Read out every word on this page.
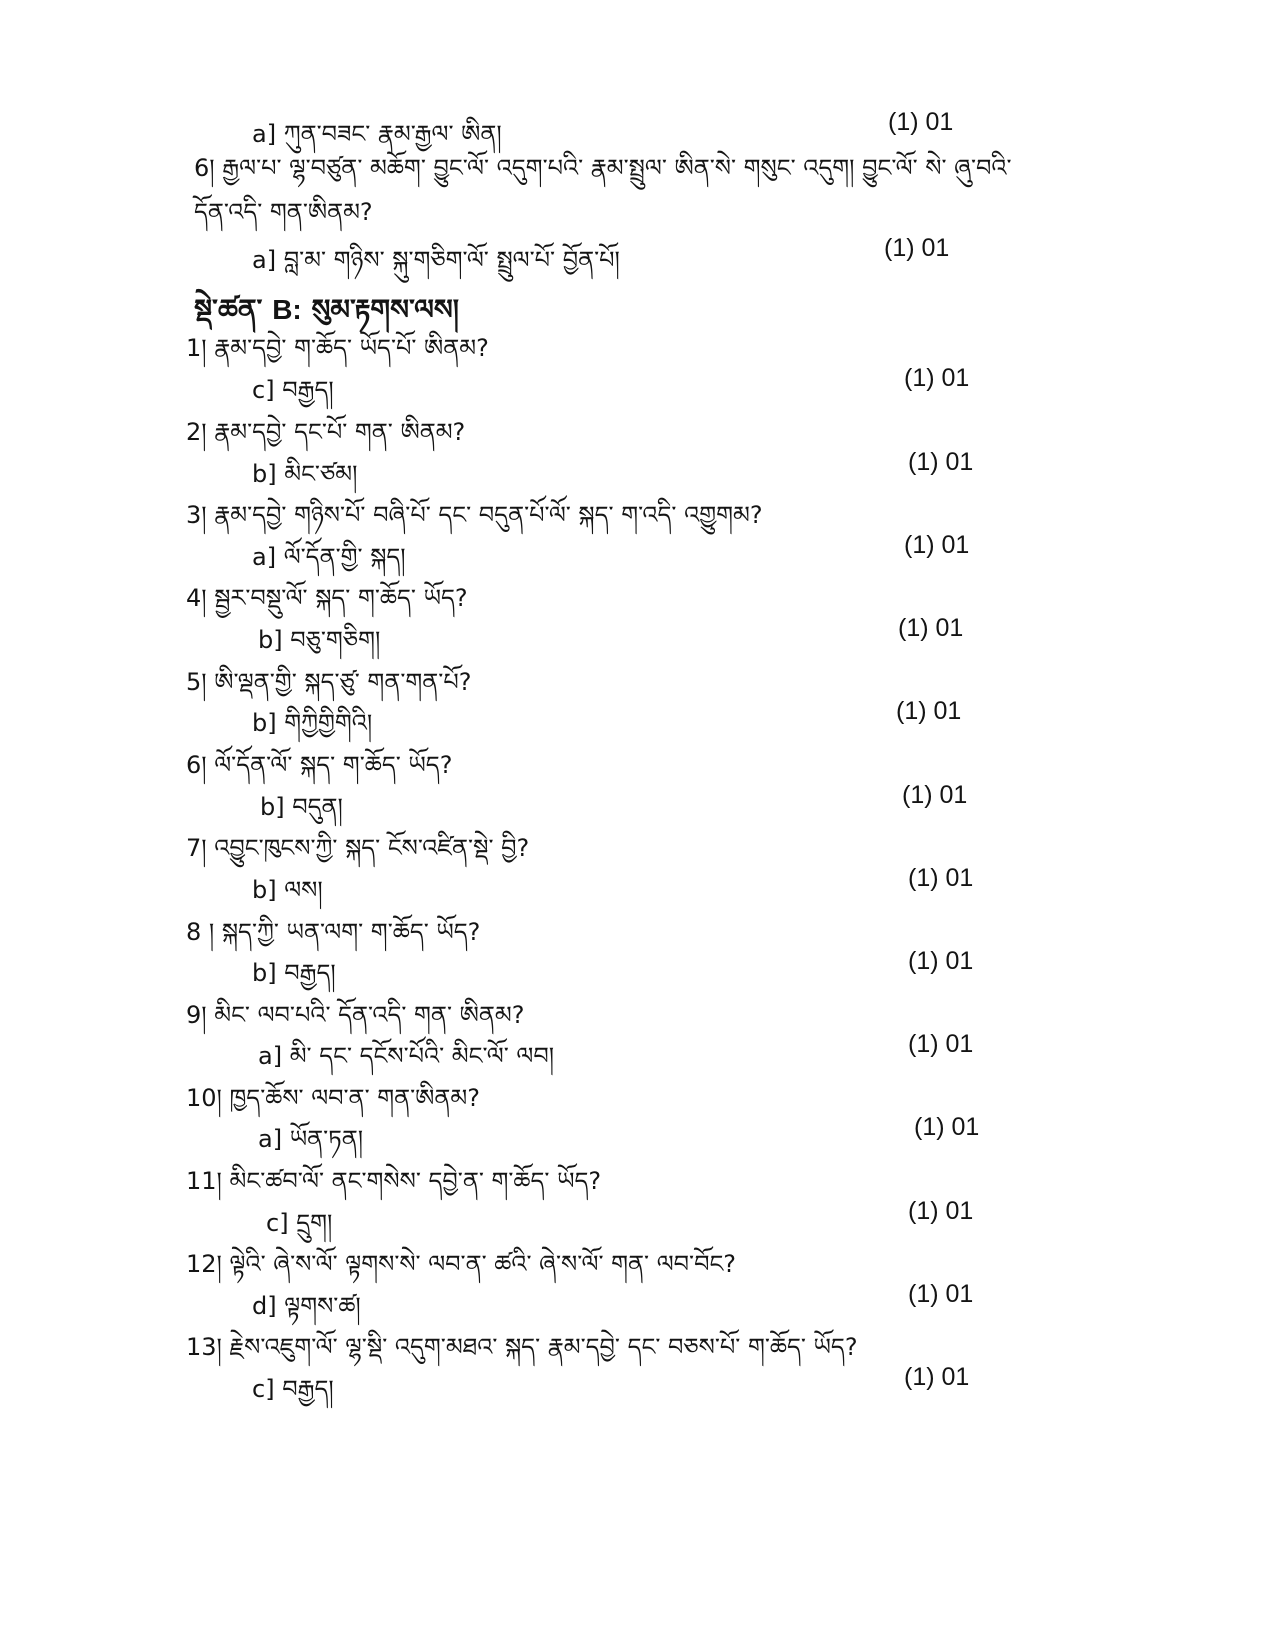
a] ཀུན་བཟང་ རྣམ་རྒྱལ་ ཨིན།	(1) 01
6། རྒྱལ་པ་ ལྷ་བཙུན་ མཆོག་ བྱུང་ལོ་ འདུག་པའི་ རྣམ་སྤྲུལ་ ཨིན་སེ་ གསུང་ འདུག། བྱུང་ལོ་ སེ་ ཞུ་བའི་ དོན་འདི་ གན་ཨིནམ?
a] བླ་མ་ གཉིས་ སྐུ་གཅིག་ལོ་ སྤྲུལ་པོ་ བྱོན་པོ།	(1) 01
སྡེ་ཚན་ B: སུམ་རྟགས་ལས།
1། རྣམ་དབྱེ་ ག་ཆོད་ ཡོད་པོ་ ཨིནམ?
c] བརྒྱད།	(1) 01
2། རྣམ་དབྱེ་ དང་པོ་ གན་ ཨིནམ?
b] མིང་ཙམ།	(1) 01
3། རྣམ་དབྱེ་ གཉིས་པོ་ བཞི་པོ་ དང་ བདུན་པོ་ལོ་ སྐད་ ག་འདི་ འགྱུགམ?
a] ལོ་དོན་གྱི་ སྐད།	(1) 01
4། སྦྱར་བསྡུ་ལོ་ སྐད་ ག་ཆོད་ ཡོད?
b] བཅུ་གཅིག།	(1) 01
5། ཨི་ལྡན་གྱི་ སྐད་ཙུ་ གན་གན་པོ?
b] གིཀྱིགྱིགིའི།	(1) 01
6། ལོ་དོན་ལོ་ སྐད་ ག་ཆོད་ ཡོད?
b] བདུན།	(1) 01
7། འབྱུང་ཁུངས་ཀྱི་ སྐད་ ངོས་འཛིན་སྡེ་ བྱི?
b] ལས།	(1) 01
8 ། སྐད་ཀྱི་ ཡན་ལག་ ག་ཆོད་ ཡོད?
b] བརྒྱད།	(1) 01
9། མིང་ ལབ་པའི་ དོན་འདི་ གན་ ཨིནམ?
a] མི་ དང་ དངོས་པོའི་ མིང་ལོ་ ལབ།	(1) 01
10། ཁྱད་ཆོས་ ལབ་ན་ གན་ཨིནམ?
a] ཡོན་ཏན།	(1) 01
11། མིང་ཚབ་ལོ་ ནང་གསེས་ དབྱེ་ན་ ག་ཆོད་ ཡོད?
c] དྲུག།	(1) 01
12། ལྟེའི་ ཞེ་ས་ལོ་ ལྟགས་སེ་ ལབ་ན་ ཚའི་ ཞེ་ས་ལོ་ གན་ ལབ་བོང?
d] ལྟགས་ཚ།	(1) 01
13། རྗེས་འཇུག་ལོ་ ལྷ་སྡི་ འདུག་མཐའ་ སྐད་ རྣམ་དབྱེ་ དང་ བཅས་པོ་ ག་ཆོད་ ཡོད?
c] བརྒྱད།	(1) 01
